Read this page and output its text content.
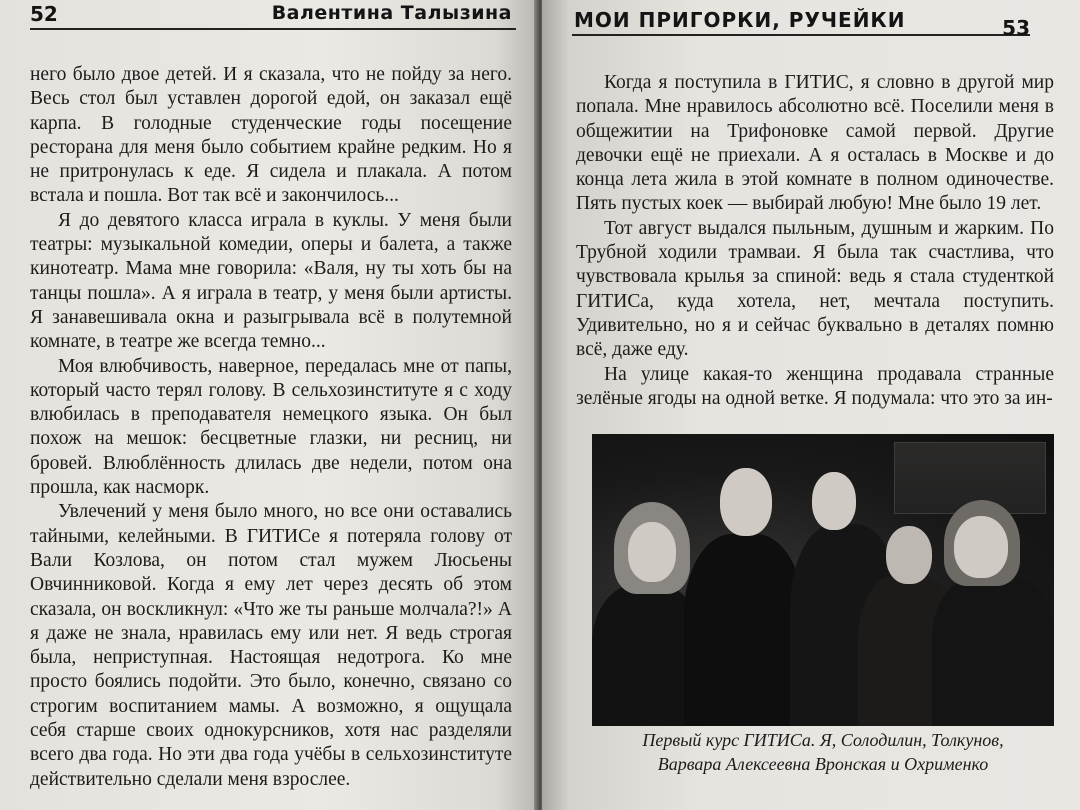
52	Валентина Талызина

него было двое детей. И я сказала, что не пойду за него. Весь стол был уставлен дорогой едой, он заказал ещё карпа. В голодные студенческие годы посещение ресторана для меня было событием крайне редким. Но я не притронулась к еде. Я сидела и плакала. А потом встала и пошла. Вот так всё и закончилось...

Я до девятого класса играла в куклы. У меня были театры: музыкальной комедии, оперы и балета, а также кинотеатр. Мама мне говорила: «Валя, ну ты хоть бы на танцы пошла». А я играла в театр, у меня были артисты. Я занавешивала окна и разыгрывала всё в полутемной комнате, в театре же всегда темно...

Моя влюбчивость, наверное, передалась мне от папы, который часто терял голову. В сельхозинституте я с ходу влюбилась в преподавателя немецкого языка. Он был похож на мешок: бесцветные глазки, ни ресниц, ни бровей. Влюблённость длилась две недели, потом она прошла, как насморк.

Увлечений у меня было много, но все они оставались тайными, келейными. В ГИТИСе я потеряла голову от Вали Козлова, он потом стал мужем Люсьены Овчинниковой. Когда я ему лет через десять об этом сказала, он воскликнул: «Что же ты раньше молчала?!» А я даже не знала, нравилась ему или нет. Я ведь строгая была, неприступная. Настоящая недотрога. Ко мне просто боялись подойти. Это было, конечно, связано со строгим воспитанием мамы. А возможно, я ощущала себя старше своих однокурсников, хотя нас разделяли всего два года. Но эти два года учёбы в сельхозинституте действительно сделали меня взрослее.

МОИ ПРИГОРКИ, РУЧЕЙКИ	53

Когда я поступила в ГИТИС, я словно в другой мир попала. Мне нравилось абсолютно всё. Поселили меня в общежитии на Трифоновке самой первой. Другие девочки ещё не приехали. А я осталась в Москве и до конца лета жила в этой комнате в полном одиночестве. Пять пустых коек — выбирай любую! Мне было 19 лет.

Тот август выдался пыльным, душным и жарким. По Трубной ходили трамваи. Я была так счастлива, что чувствовала крылья за спиной: ведь я стала студенткой ГИТИСа, куда хотела, нет, мечтала поступить. Удивительно, но я и сейчас буквально в деталях помню всё, даже еду.

На улице какая-то женщина продавала странные зелёные ягоды на одной ветке. Я подумала: что это за ин-

Первый курс ГИТИСа. Я, Солодилин, Толкунов,
Варвара Алексеевна Вронская и Охрименко
